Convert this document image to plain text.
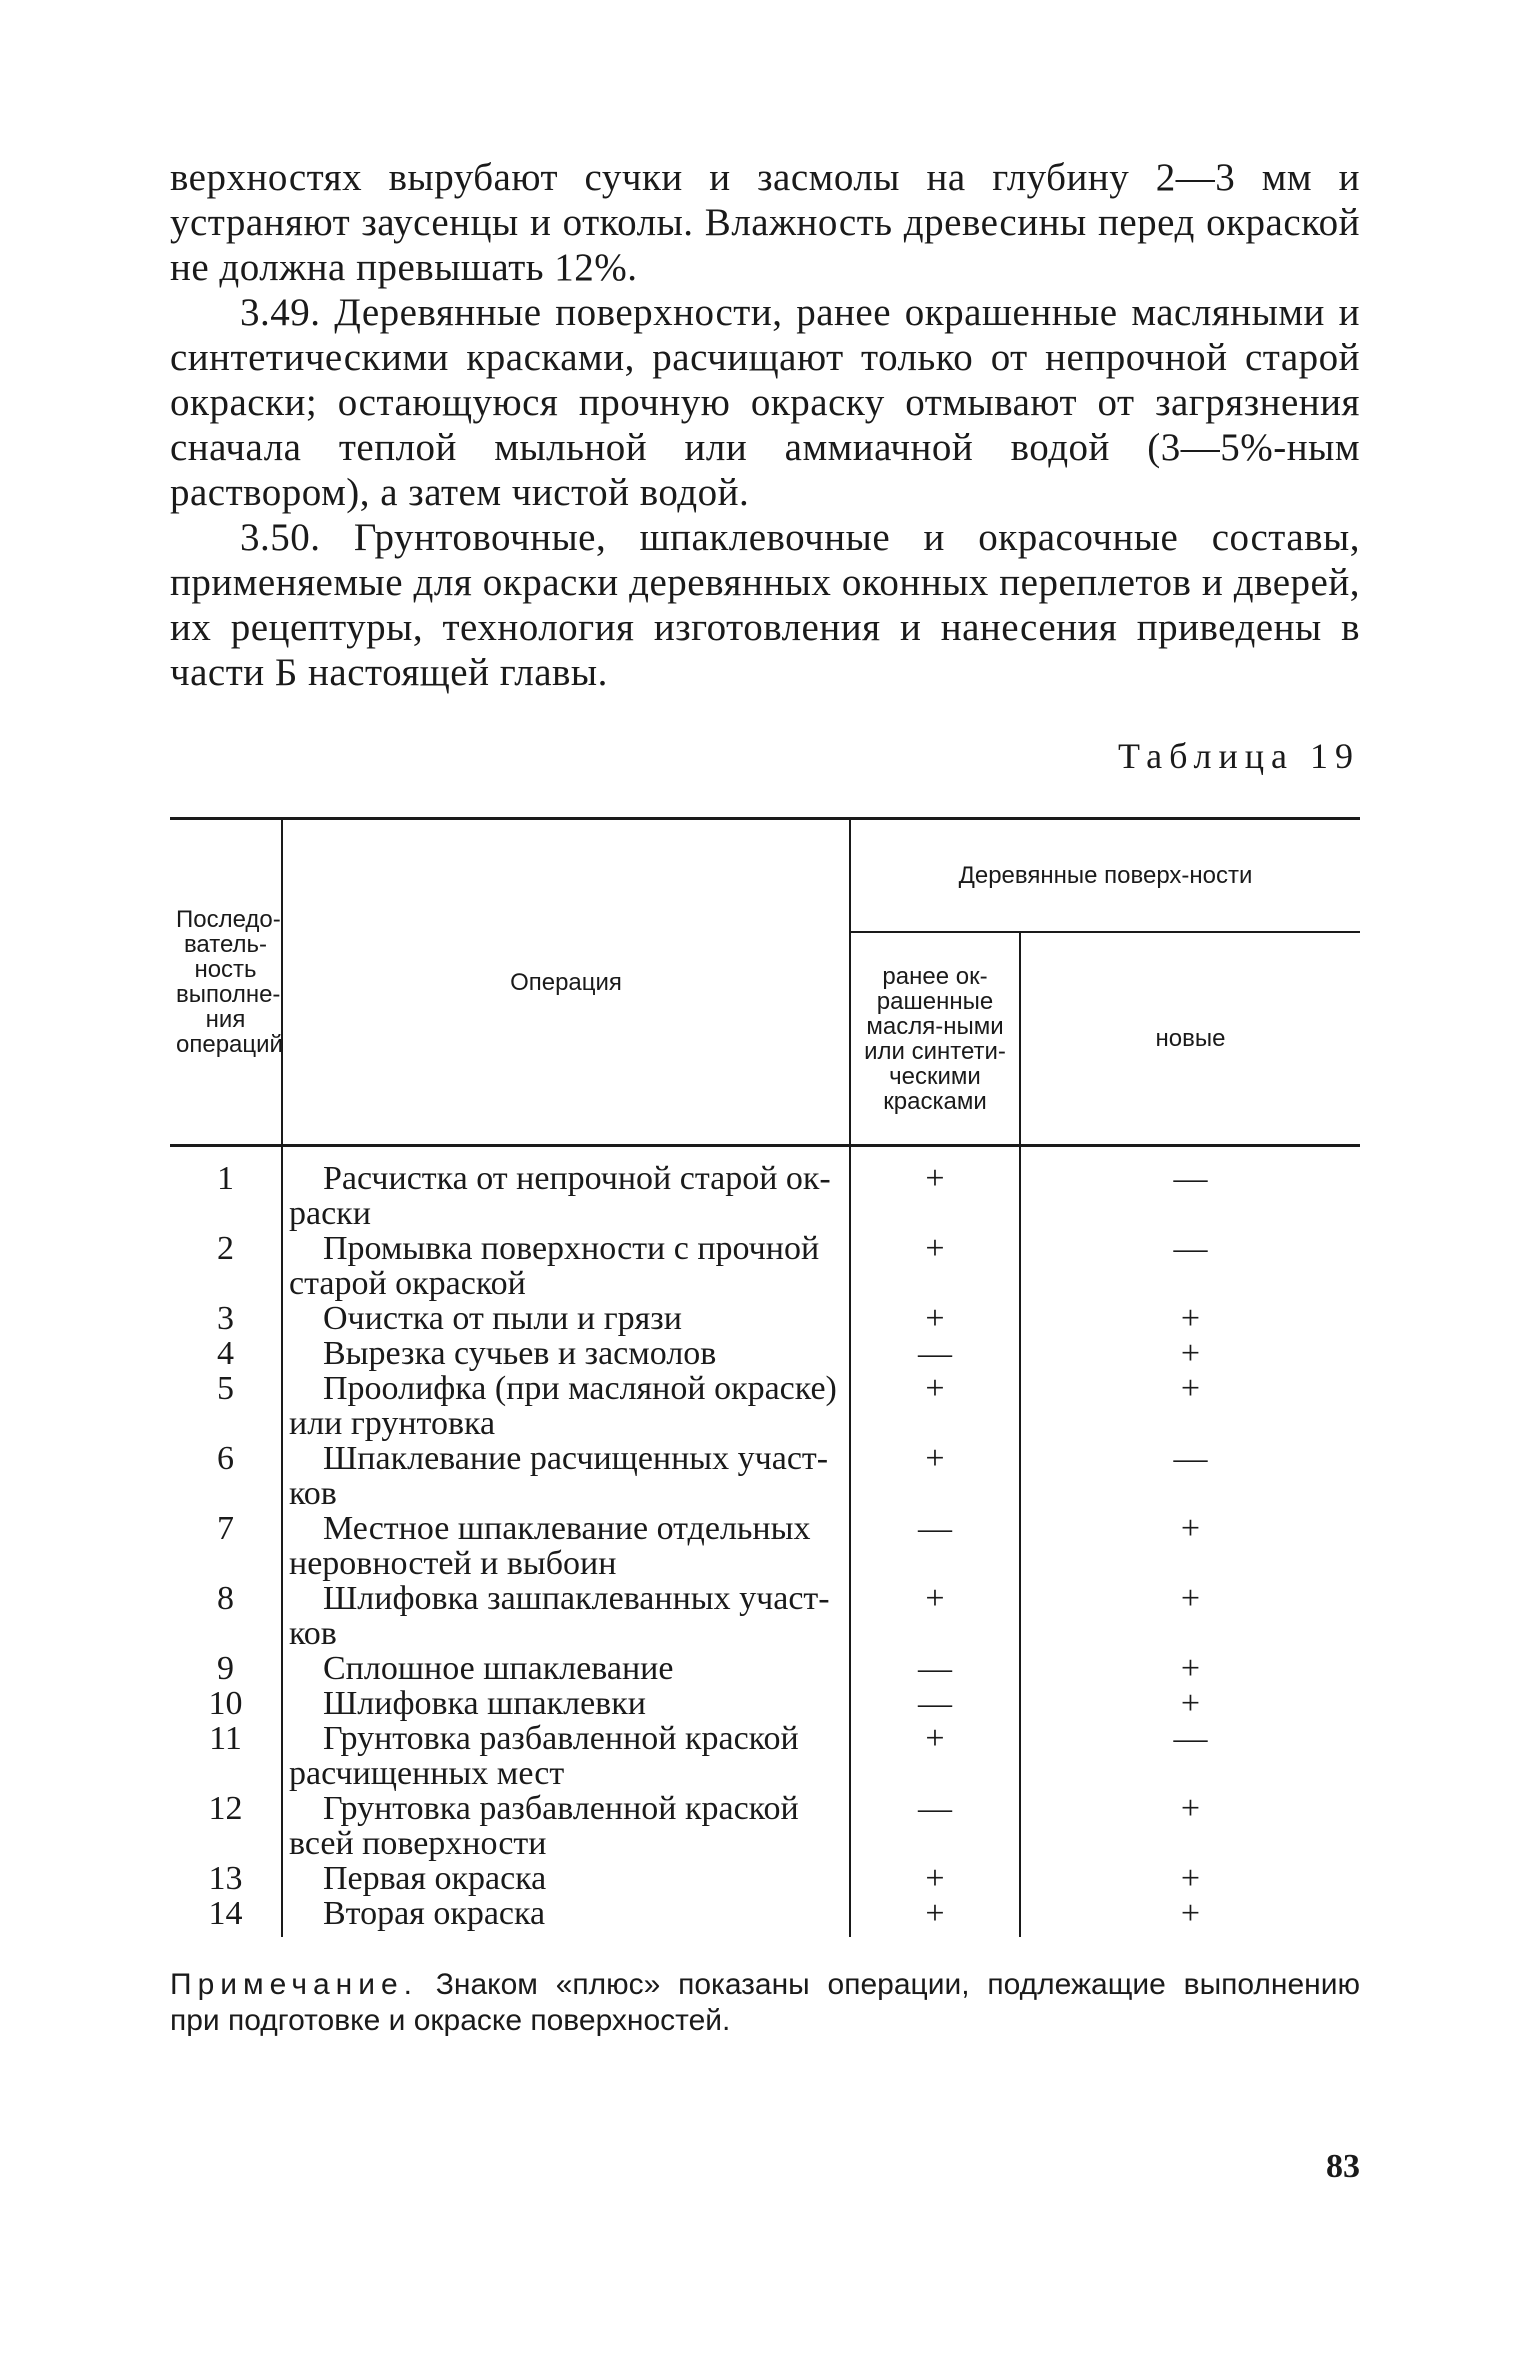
верхностях вырубают сучки и засмолы на глубину 2—3 мм и устраняют заусенцы и отколы. Влажность древесины перед окраской не должна превышать 12%.

3.49. Деревянные поверхности, ранее окрашенные масляными и синтетическими красками, расчищают только от непрочной старой окраски; остающуюся прочную окраску отмывают от загрязнения сначала теплой мыльной или аммиачной водой (3—5%-ным раствором), а затем чистой водой.

3.50. Грунтовочные, шпаклевочные и окрасочные составы, применяемые для окраски деревянных оконных переплетов и дверей, их рецептуры, технология изготовления и нанесения приведены в части Б настоящей главы.

Таблица 19
Последо-ватель-ность выполне-ния операций	Операция	Деревянные поверх-ности	
		ранее ок-рашенные масля-ными или синтети-ческими красками	новые
1	Расчистка от непрочной старой ок-
раски	+	—
2	Промывка поверхности с прочной
старой окраской	+	—
3	Очистка от пыли и грязи	+	+
4	Вырезка сучьев и засмолов	—	+
5	Проолифка (при масляной окраске)
или грунтовка	+	+
6	Шпаклевание расчищенных участ-
ков	+	—
7	Местное шпаклевание отдельных
неровностей и выбоин	—	+
8	Шлифовка зашпаклеванных участ-
ков	+	+
9	Сплошное шпаклевание	—	+
10	Шлифовка шпаклевки	—	+
11	Грунтовка разбавленной краской
расчищенных мест	+	—
12	Грунтовка разбавленной краской
всей поверхности	—	+
13	Первая окраска	+	+
14	Вторая окраска	+	+
Примечание. Знаком «плюс» показаны операции, подлежащие выполнению при подготовке и окраске поверхностей.
83
